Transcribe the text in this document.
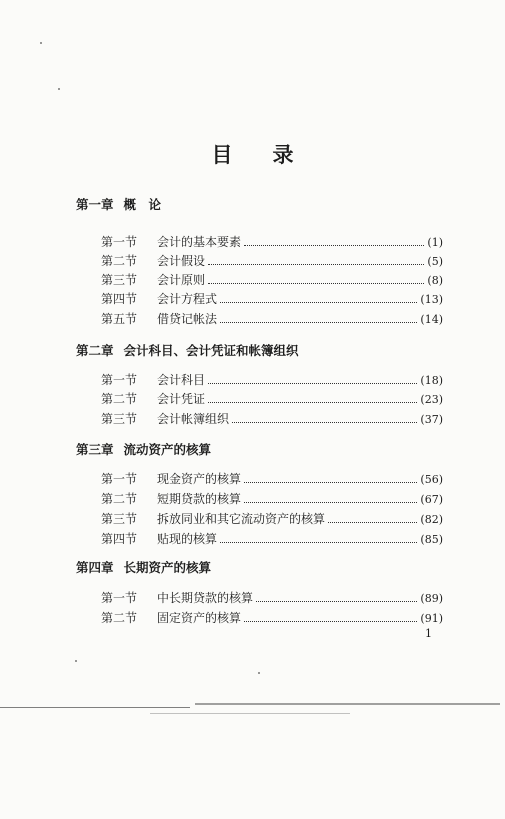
目 录
第一章 概　论
第一节	会计的基本要素	(1)
第二节	会计假设	(5)
第三节	会计原则	(8)
第四节	会计方程式	(13)
第五节	借贷记帐法	(14)
第二章 会计科目、会计凭证和帐簿组织
第一节	会计科目	(18)
第二节	会计凭证	(23)
第三节	会计帐簿组织	(37)
第三章 流动资产的核算
第一节	现金资产的核算	(56)
第二节	短期贷款的核算	(67)
第三节	拆放同业和其它流动资产的核算	(82)
第四节	贴现的核算	(85)
第四章 长期资产的核算
第一节	中长期贷款的核算	(89)
第二节	固定资产的核算	(91)
1
